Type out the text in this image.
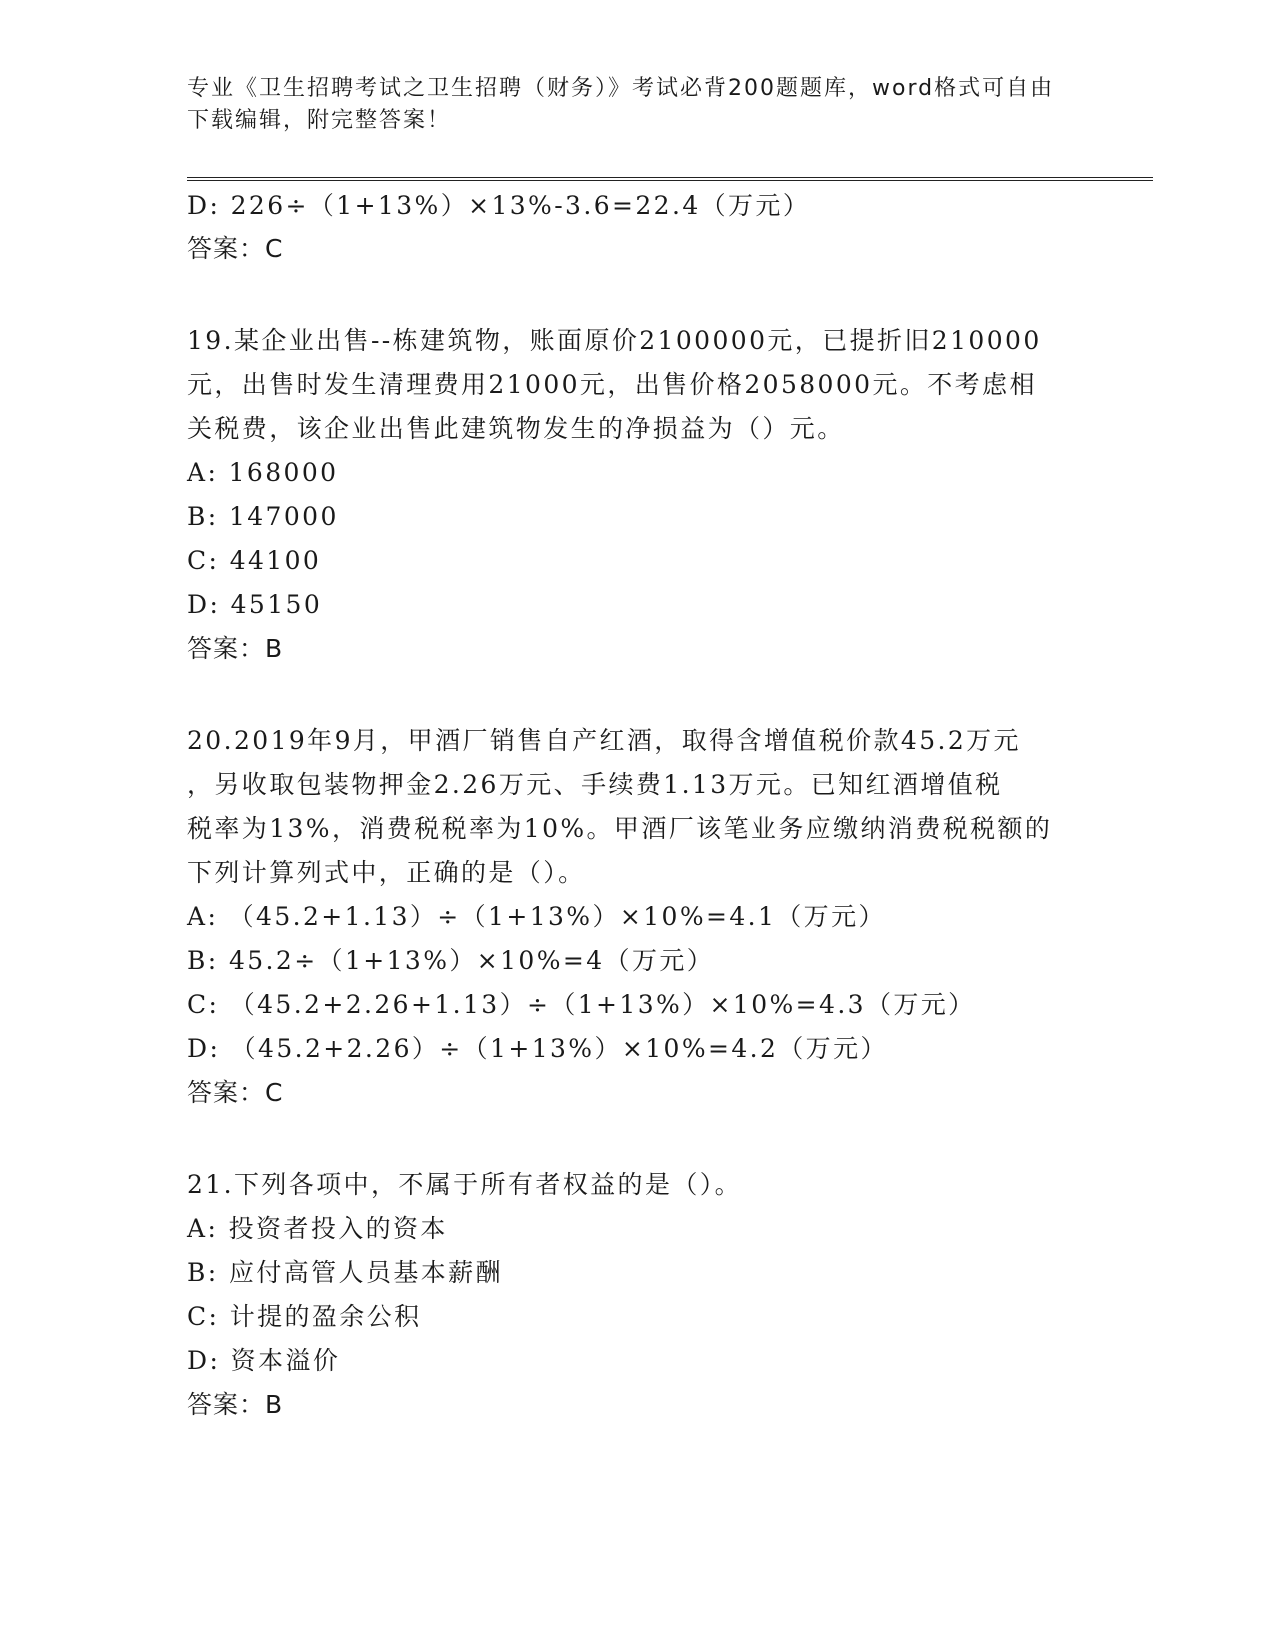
专业《卫生招聘考试之卫生招聘（财务）》考试必背200题题库，word格式可自由下载编辑，附完整答案！
D: 226÷（1+13%）×13%-3.6=22.4（万元）
答案：C
19.某企业出售--栋建筑物，账面原价2100000元，已提折旧210000
元，出售时发生清理费用21000元，出售价格2058000元。不考虑相
关税费，该企业出售此建筑物发生的净损益为（）元。
A: 168000
B: 147000
C: 44100
D: 45150
答案：B
20.2019年9月，甲酒厂销售自产红酒，取得含增值税价款45.2万元
，另收取包装物押金2.26万元、手续费1.13万元。已知红酒增值税
税率为13%，消费税税率为10%。甲酒厂该笔业务应缴纳消费税税额的
下列计算列式中，正确的是（）。
A: （45.2+1.13）÷（1+13%）×10%=4.1（万元）
B: 45.2÷（1+13%）×10%=4（万元）
C: （45.2+2.26+1.13）÷（1+13%）×10%=4.3（万元）
D: （45.2+2.26）÷（1+13%）×10%=4.2（万元）
答案：C
21.下列各项中，不属于所有者权益的是（）。
A: 投资者投入的资本
B: 应付高管人员基本薪酬
C: 计提的盈余公积
D: 资本溢价
答案：B
